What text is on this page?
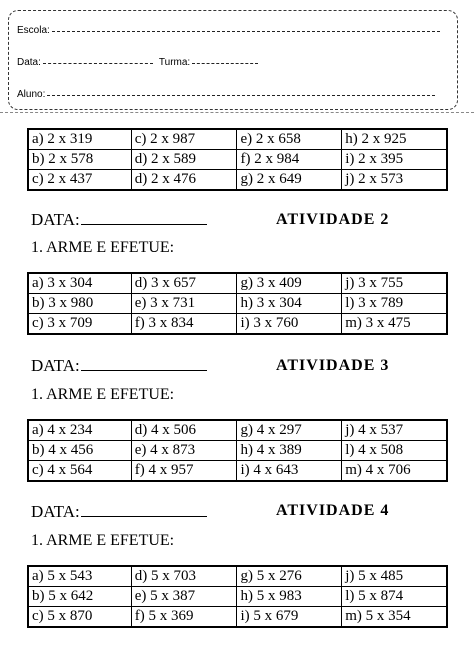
Escola:
Data:	Turma:
Aluno:
a) 2 x 319	c) 2 x 987	e) 2 x 658	h) 2 x 925
b) 2 x 578	d) 2 x 589	f) 2 x 984	i) 2 x 395
c) 2 x 437	d) 2 x 476	g) 2 x 649	j) 2 x 573
DATA:	ATIVIDADE 2
1. ARME E EFETUE:
a) 3 x 304	d) 3 x 657	g) 3 x 409	j) 3 x 755
b) 3 x 980	e) 3 x 731	h) 3 x 304	l) 3 x 789
c) 3 x 709	f) 3 x 834	i) 3 x 760	m) 3 x 475
DATA:	ATIVIDADE 3
1. ARME E EFETUE:
a) 4 x 234	d) 4 x 506	g) 4 x 297	j) 4 x 537
b) 4 x 456	e) 4 x 873	h) 4 x 389	l) 4 x 508
c) 4 x 564	f) 4 x 957	i) 4 x 643	m) 4 x 706
DATA:	ATIVIDADE 4
1. ARME E EFETUE:
a) 5 x 543	d) 5 x 703	g) 5 x 276	j) 5 x 485
b) 5 x 642	e) 5 x 387	h) 5 x 983	l) 5 x 874
c) 5 x 870	f) 5 x 369	i) 5 x 679	m) 5 x 354
